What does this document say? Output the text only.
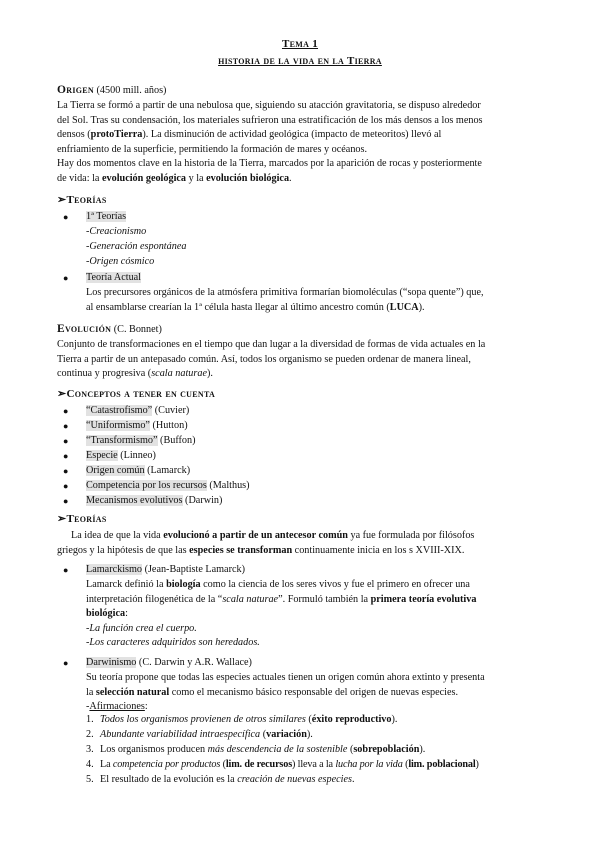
Tema 1
historia de la vida en la Tierra
Origen (4500 mill. años)

La Tierra se formó a partir de una nebulosa que, siguiendo su atacción gravitatoria, se dispuso alrededor

del Sol. Tras su condensación, los materiales sufrieron una estratificación de los más densos a los menos

densos (protoTierra). La disminución de actividad geológica (impacto de meteoritos) llevó al

enfriamiento de la superficie, permitiendo la formación de mares y océanos.

Hay dos momentos clave en la historia de la Tierra, marcados por la aparición de rocas y posteriormente

de vida: la evolución geológica y la evolución biológica.

➢Teorías
● 1ª Teorías
-Creacionismo
-Generación espontánea
-Origen cósmico
● Teoría Actual

Los precursores orgánicos de la atmósfera primitiva formarían biomoléculas (“sopa quente”) que,

al ensamblarse crearían la 1ª célula hasta llegar al último ancestro común (LUCA).

Evolución (C. Bonnet)

Conjunto de transformaciones en el tiempo que dan lugar a la diversidad de formas de vida actuales en la

Tierra a partir de un antepasado común. Así, todos los organismo se pueden ordenar de manera lineal,

continua y progresiva (scala naturae).

➢Conceptos a tener en cuenta
● “Catastrofismo” (Cuvier)
● “Uniformismo” (Hutton)
● “Transformismo” (Buffon)
● Especie (Linneo)
● Origen común (Lamarck)
● Competencia por los recursos (Malthus)
● Mecanismos evolutivos (Darwin)
➢Teorías

La idea de que la vida evolucionó a partir de un antecesor común ya fue formulada por filósofos

griegos y la hipótesis de que las especies se transforman continuamente inicia en los s XVIII-XIX.

● Lamarckismo (Jean-Baptiste Lamarck)

Lamarck definió la biología como la ciencia de los seres vivos y fue el primero en ofrecer una

interpretación filogenética de la “scala naturae”. Formuló también la primera teoría evolutiva

biológica:

-La función crea el cuerpo.

-Los caracteres adquiridos son heredados.

● Darwinismo (C. Darwin y A.R. Wallace)

Su teoría propone que todas las especies actuales tienen un origen común ahora extinto y presenta

la selección natural como el mecanismo básico responsable del origen de nuevas especies.

-Afirmaciones:

1. Todos los organismos provienen de otros similares (éxito reproductivo).
2. Abundante variabilidad intraespecífica (variación).
3. Los organismos producen más descendencia de la sostenible (sobrepoblación).
4. La competencia por productos (lim. de recursos) lleva a la lucha por la vida (lim. poblacional)
5. El resultado de la evolución es la creación de nuevas especies.
